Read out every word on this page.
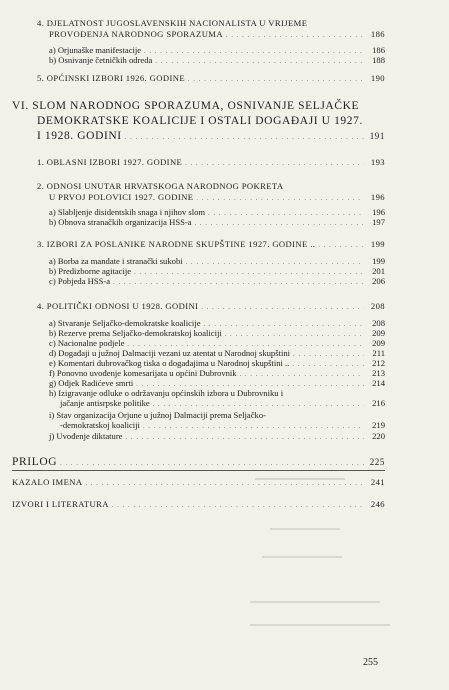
4. DJELATNOST JUGOSLAVENSKIH NACIONALISTA U VRIJEME
PROVOĐENJA NARODNOG SPORAZUMA . . .	186
a) Orjunaške manifestacije . . .	186
b) Osnivanje četničkih odreda . . .	188
5. OPĆINSKI IZBORI 1926. GODINE . . .	190
VI. SLOM NARODNOG SPORAZUMA, OSNIVANJE SELJAČKE
DEMOKRATSKE KOALICIJE I OSTALI DOGAĐAJI U 1927.
I 1928. GODINI . . .	191
1. OBLASNI IZBORI 1927. GODINE . . .	193
2. ODNOSI UNUTAR HRVATSKOGA NARODNOG POKRETA
U PRVOJ POLOVICI 1927. GODINE . . .	196
a) Slabljenje disidentskih snaga i njihov slom . . .	196
b) Obnova stranačkih organizacija HSS-a . . .	197
3. IZBORI ZA POSLANIKE NARODNE SKUPŠTINE 1927. GODINE .. . . .	199
a) Borba za mandate i stranački sukobi . . .	199
b) Predizborne agitacije . . .	201
c) Pobjeda HSS-a . . .	206
4. POLITIČKI ODNOSI U 1928. GODINI . . .	208
a) Stvaranje Seljačko-demokratske koalicije . . .	208
b) Rezerve prema Seljačko-demokratskoj koaliciji . . .	209
c) Nacionalne podjele . . .	209
d) Događaji u južnoj Dalmaciji vezani uz atentat u Narodnoj skupštini . . .	211
e) Komentari dubrovačkog tiska o događajima u Narodnoj skupštini .. . . .	212
f) Ponovno uvođenje komesarijata u općini Dubrovnik . . .	213
g) Odjek Radićeve smrti . . .	214
h) Izigravanje odluke o održavanju općinskih izbora u Dubrovniku i
jačanje antisrpske politike . . .	216
i) Stav organizacija Orjune u južnoj Dalmaciji prema Seljačko-
-demokratskoj koaliciji . . .	219
j) Uvođenje diktature . . .	220
PRILOG . . .	225
KAZALO IMENA . . .	241
IZVORI I LITERATURA . . .	246
255
